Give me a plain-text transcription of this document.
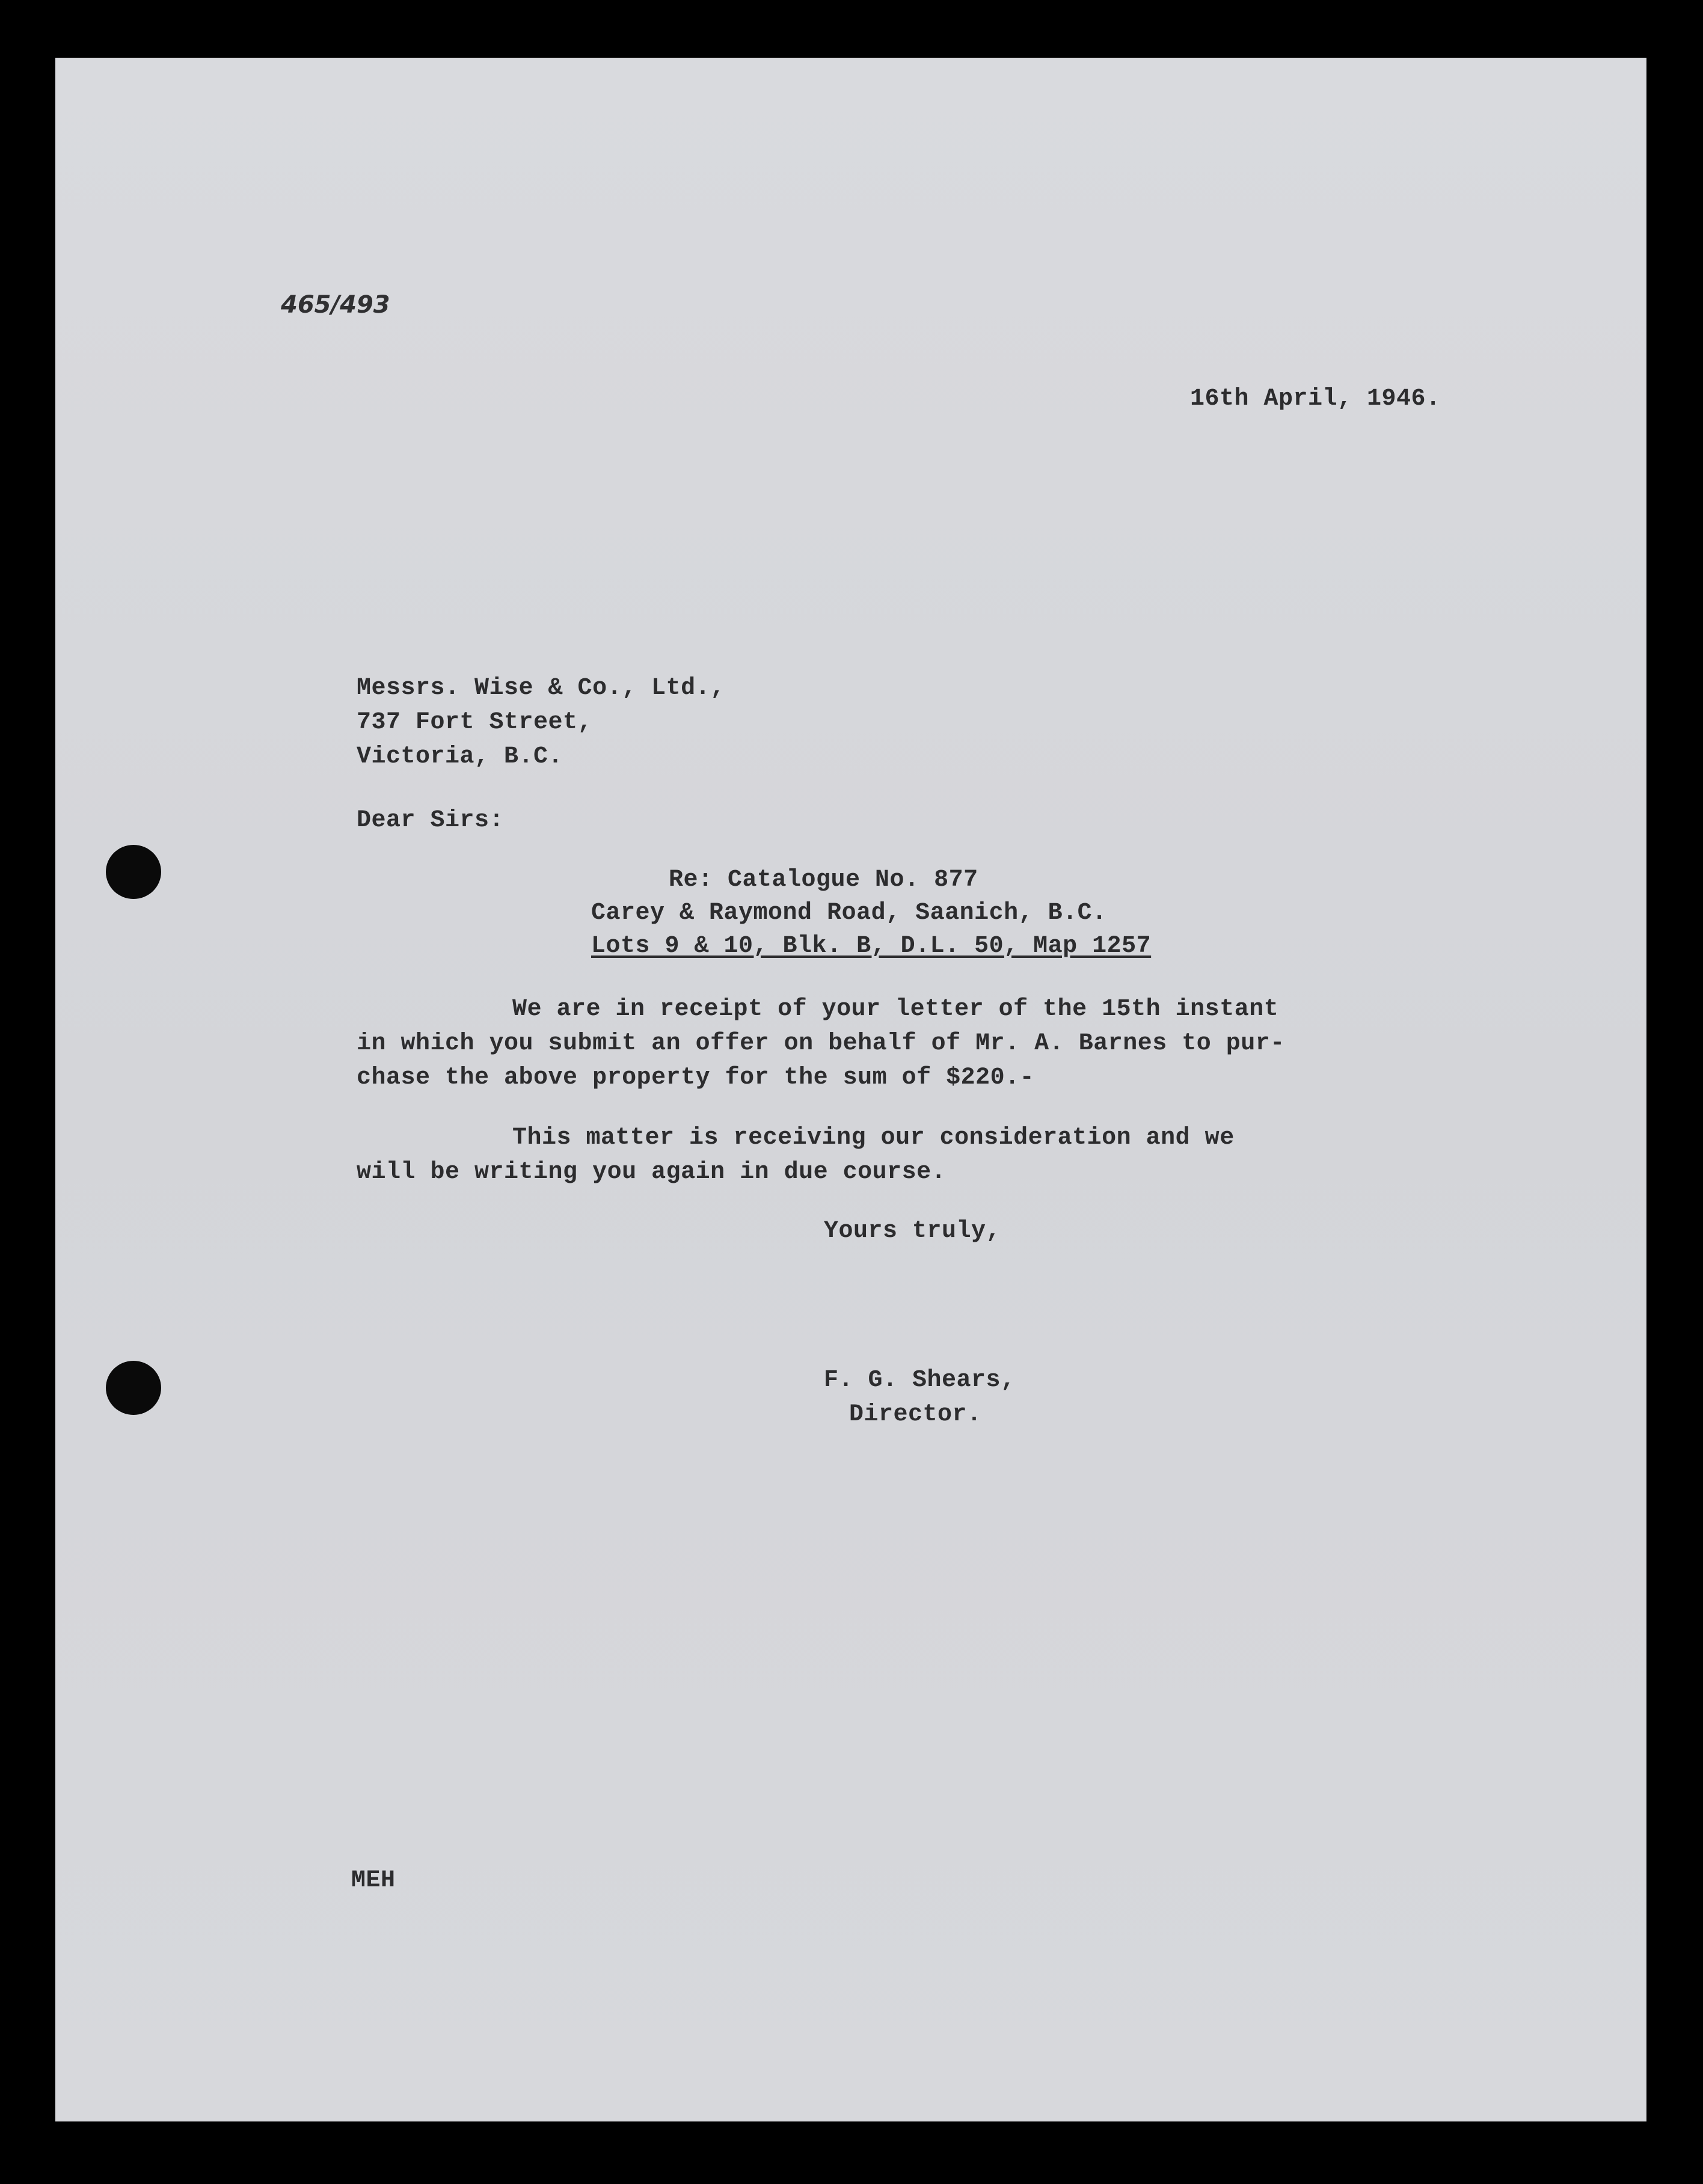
465/493
16th April, 1946.
Messrs. Wise & Co., Ltd.,
737 Fort Street,
Victoria, B.C.
Dear Sirs:
Re: Catalogue No. 877
Carey & Raymond Road, Saanich, B.C.
Lots 9 & 10, Blk. B, D.L. 50, Map 1257
We are in receipt of your letter of the 15th instant
in which you submit an offer on behalf of Mr. A. Barnes to pur-
chase the above property for the sum of $220.-
This matter is receiving our consideration and we
will be writing you again in due course.
Yours truly,
F. G. Shears,
Director.
MEH
